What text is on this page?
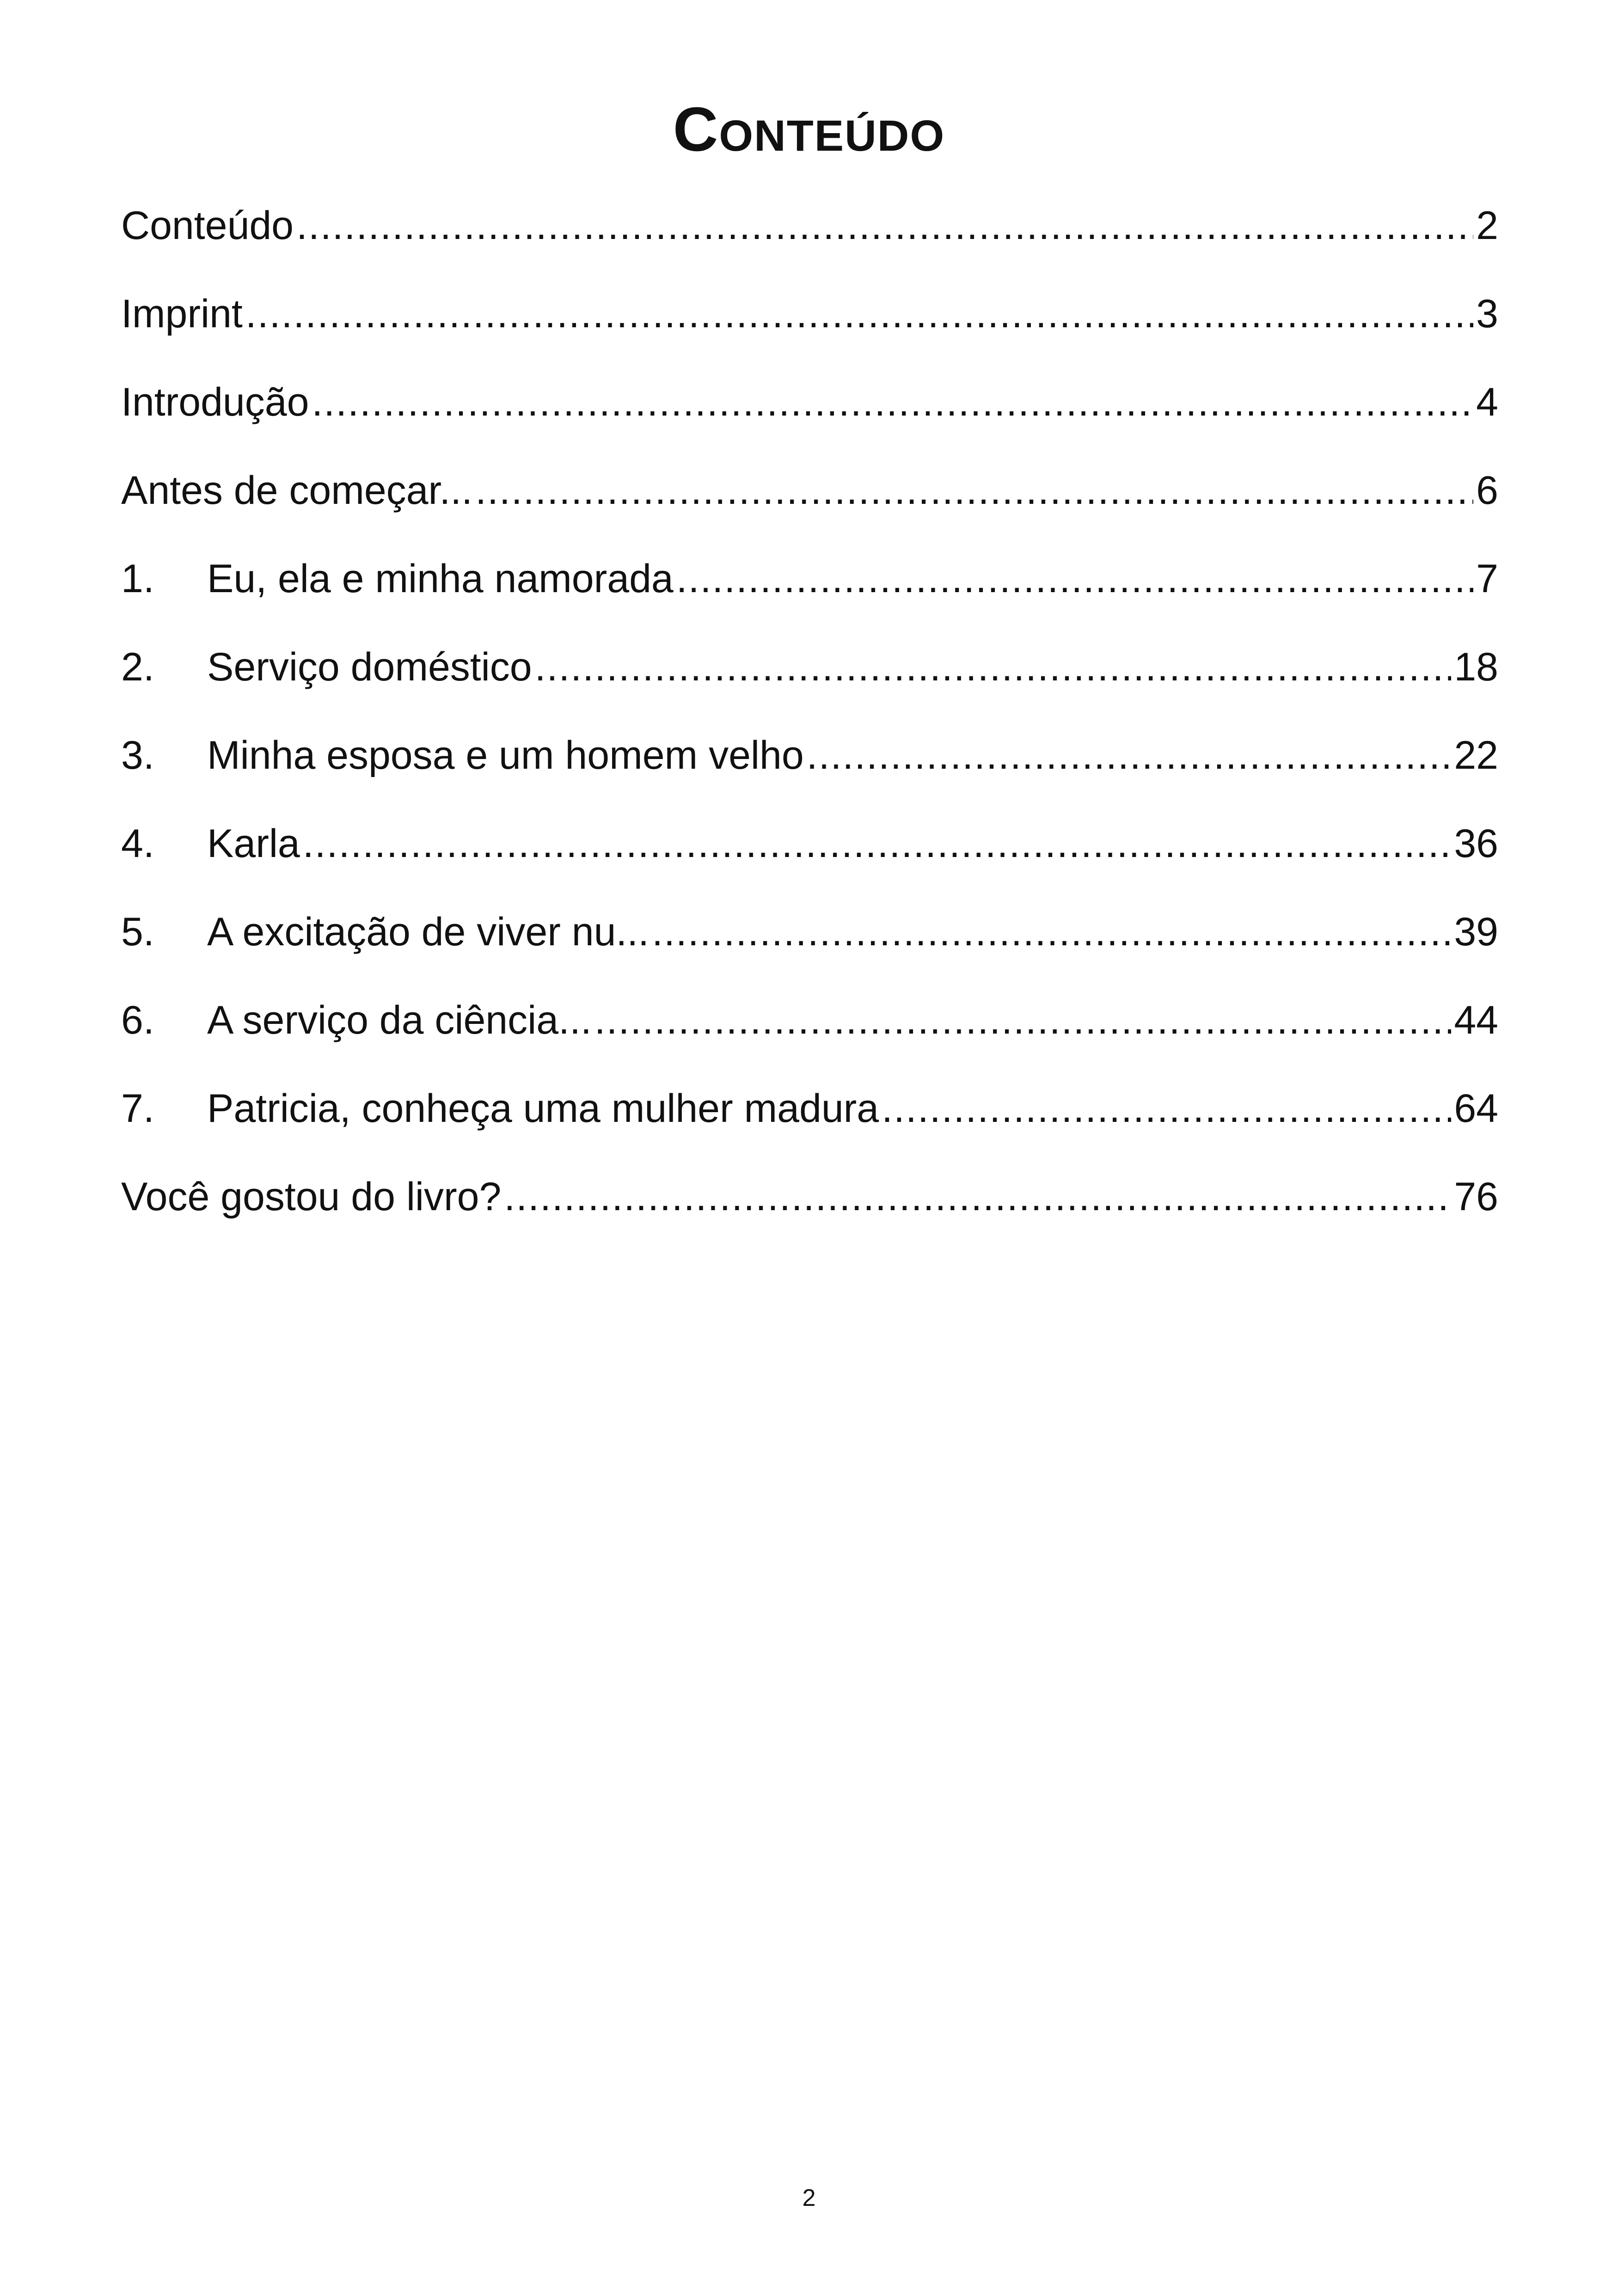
Conteúdo
Conteúdo .....	2
Imprint .....	3
Introdução .....	4
Antes de começar... .....	6
1.	Eu, ela e minha namorada .....	7
2.	Serviço doméstico .....	18
3.	Minha esposa e um homem velho .....	22
4.	Karla .....	36
5.	A excitação de viver nu... .....	39
6.	A serviço da ciência... .....	44
7.	Patricia, conheça uma mulher madura .....	64
Você gostou do livro? .....	76
2
